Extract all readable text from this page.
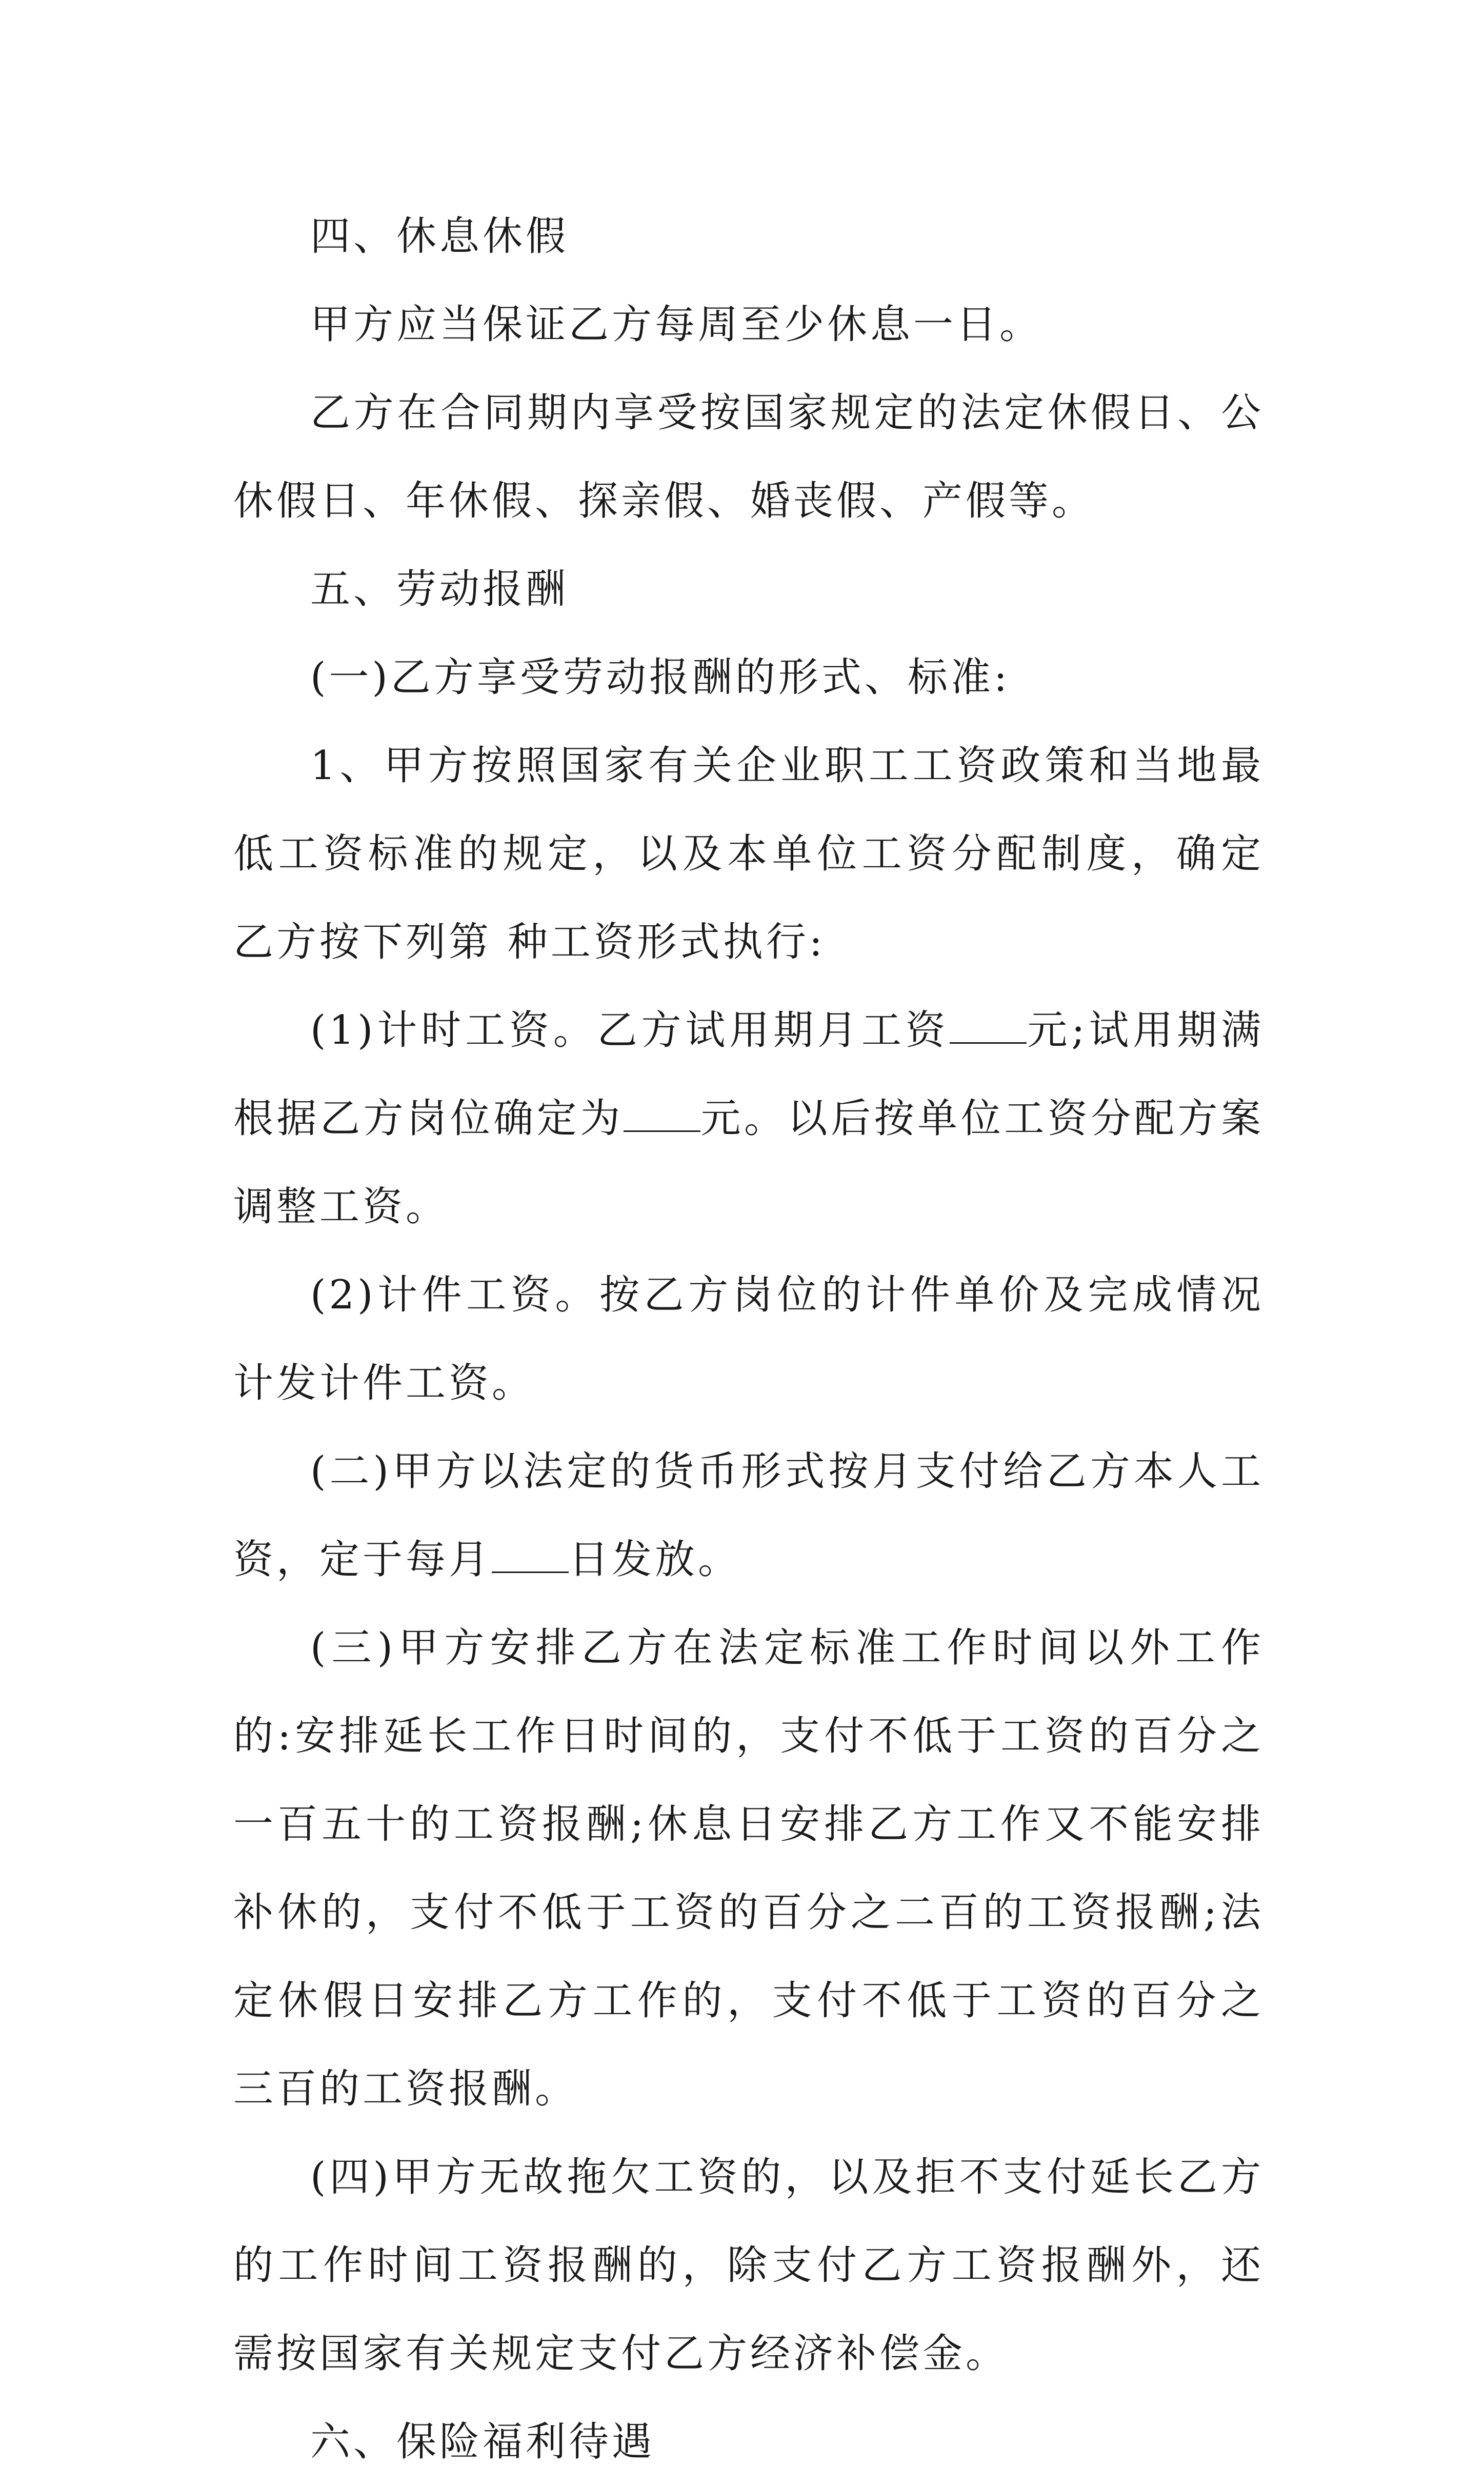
四、休息休假

甲方应当保证乙方每周至少休息一日。

乙方在合同期内享受按国家规定的法定休假日、公休假日、年休假、探亲假、婚丧假、产假等。

五、劳动报酬

(一)乙方享受劳动报酬的形式、标准:

1、甲方按照国家有关企业职工工资政策和当地最低工资标准的规定，以及本单位工资分配制度，确定乙方按下列第 种工资形式执行:

(1)计时工资。乙方试用期月工资 元;试用期满根据乙方岗位确定为 元。以后按单位工资分配方案调整工资。

(2)计件工资。按乙方岗位的计件单价及完成情况计发计件工资。

(二)甲方以法定的货币形式按月支付给乙方本人工资，定于每月 日发放。

(三)甲方安排乙方在法定标准工作时间以外工作的:安排延长工作日时间的，支付不低于工资的百分之一百五十的工资报酬;休息日安排乙方工作又不能安排补休的，支付不低于工资的百分之二百的工资报酬;法定休假日安排乙方工作的，支付不低于工资的百分之三百的工资报酬。

(四)甲方无故拖欠工资的，以及拒不支付延长乙方的工作时间工资报酬的，除支付乙方工资报酬外，还需按国家有关规定支付乙方经济补偿金。

六、保险福利待遇
